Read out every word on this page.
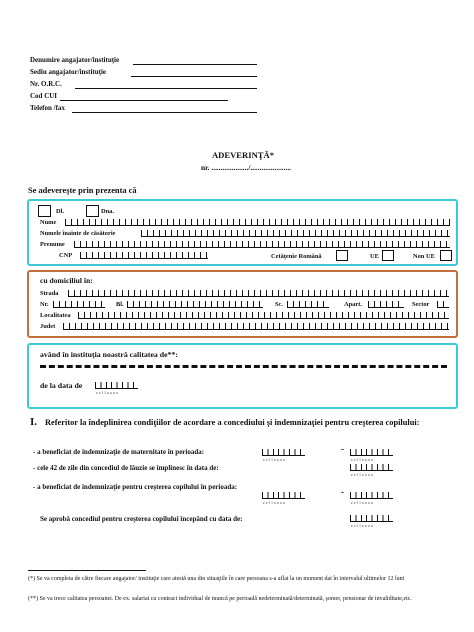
Denumire angajator/instituţie
Sediu angajator/instituţie
Nr. O.R.C.
Cod CUI
Telefon /fax
ADEVERINŢĂ*
nr. ..................../......................
Se adevereşte prin prezenta că
Dl.	Dna.
Nume
Numele înainte de căsătorie
Prenume
CNP	Cetăţenie Română	UE	Non UE
cu domiciliul în:
Strada
Nr.	Bl.	Sc.	Apart.	Sector
Localitatea
Judet
având în instituţia noastră calitatea de**:
de la data de
z z l l a a a a
I. Referitor la îndeplinirea condiţiilor de acordare a concediului şi indemnizaţiei pentru creşterea copilului:
- a beneficiat de indemnizaţie de maternitate în perioada:
z z l l a a a a
-
z z l l a a a a
- cele 42 de zile din concediul de lăuzie se împlinesc în data de:
z z l l a a a a
- a beneficiat de indemnizaţie pentru creşterea copilului în perioada:
z z l l a a a a
-
z z l l a a a a
Se aprobă concediul pentru creşterea copilului începând cu data de:
z z l l a a a a
(*) Se va completa de către fiecare angajator/ instituţie care atestă una din situaţiile în care persoana s-a aflat la un moment dat în intervalul ultimelor 12 luni
(**) Se va trece calitatea persoanei. De ex. salariat cu contract individual de muncă pe perioadă nedeterminată/determinată, şomer, pensionar de invaliditate,etc.
